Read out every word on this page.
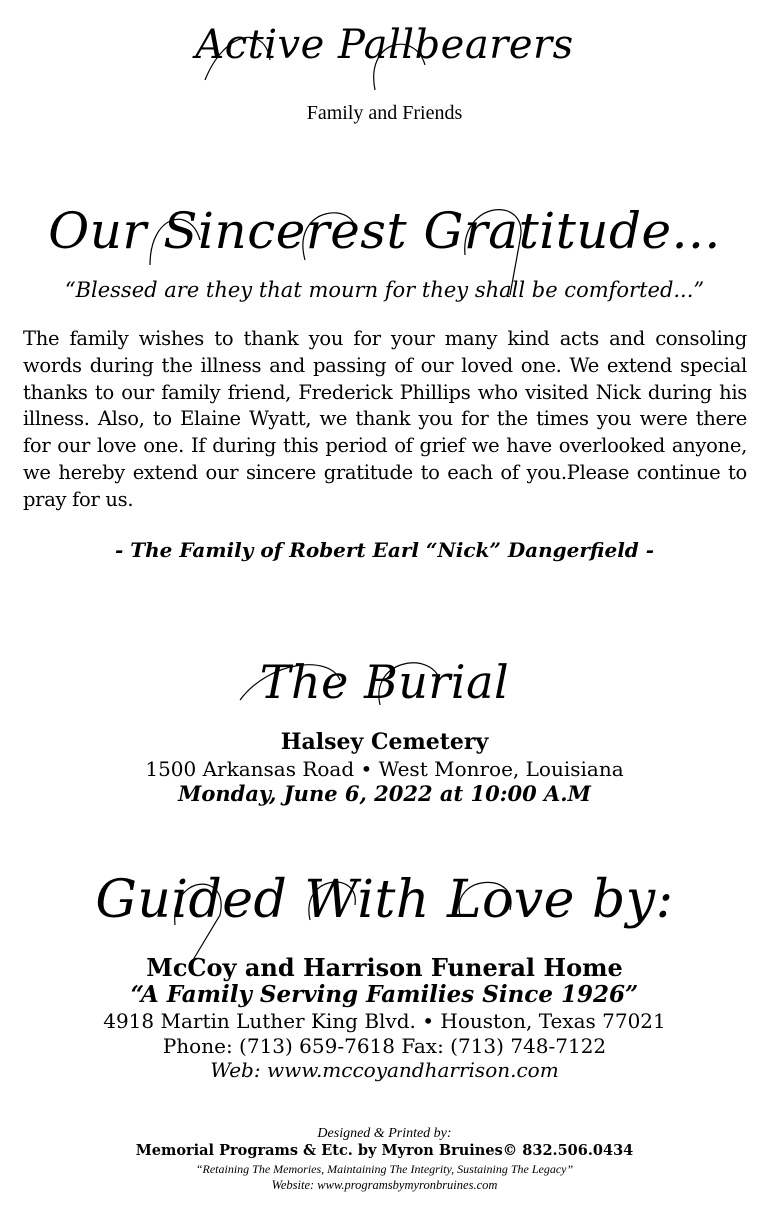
Active Pallbearers
Family and Friends
Our Sincerest Gratitude...
“Blessed are they that mourn for they shall be comforted...”
The family wishes to thank you for your many kind acts and consoling words during the illness and passing of our loved one. We extend special thanks to our family friend, Frederick Phillips who visited Nick during his illness. Also, to Elaine Wyatt, we thank you for the times you were there for our love one. If during this period of grief we have overlooked anyone, we hereby extend our sincere gratitude to each of you.Please continue to pray for us.
- The Family of Robert Earl “Nick” Dangerfield -
The Burial
Halsey Cemetery
1500 Arkansas Road • West Monroe, Louisiana
Monday, June 6, 2022 at 10:00 A.M
Guided With Love by:
McCoy and Harrison Funeral Home
“A Family Serving Families Since 1926”
4918 Martin Luther King Blvd. • Houston, Texas 77021
Phone: (713) 659-7618 Fax: (713) 748-7122
Web: www.mccoyandharrison.com
Designed & Printed by:
Memorial Programs & Etc. by Myron Bruines© 832.506.0434
“Retaining The Memories, Maintaining The Integrity, Sustaining The Legacy”
Website: www.programsbymyronbruines.com
